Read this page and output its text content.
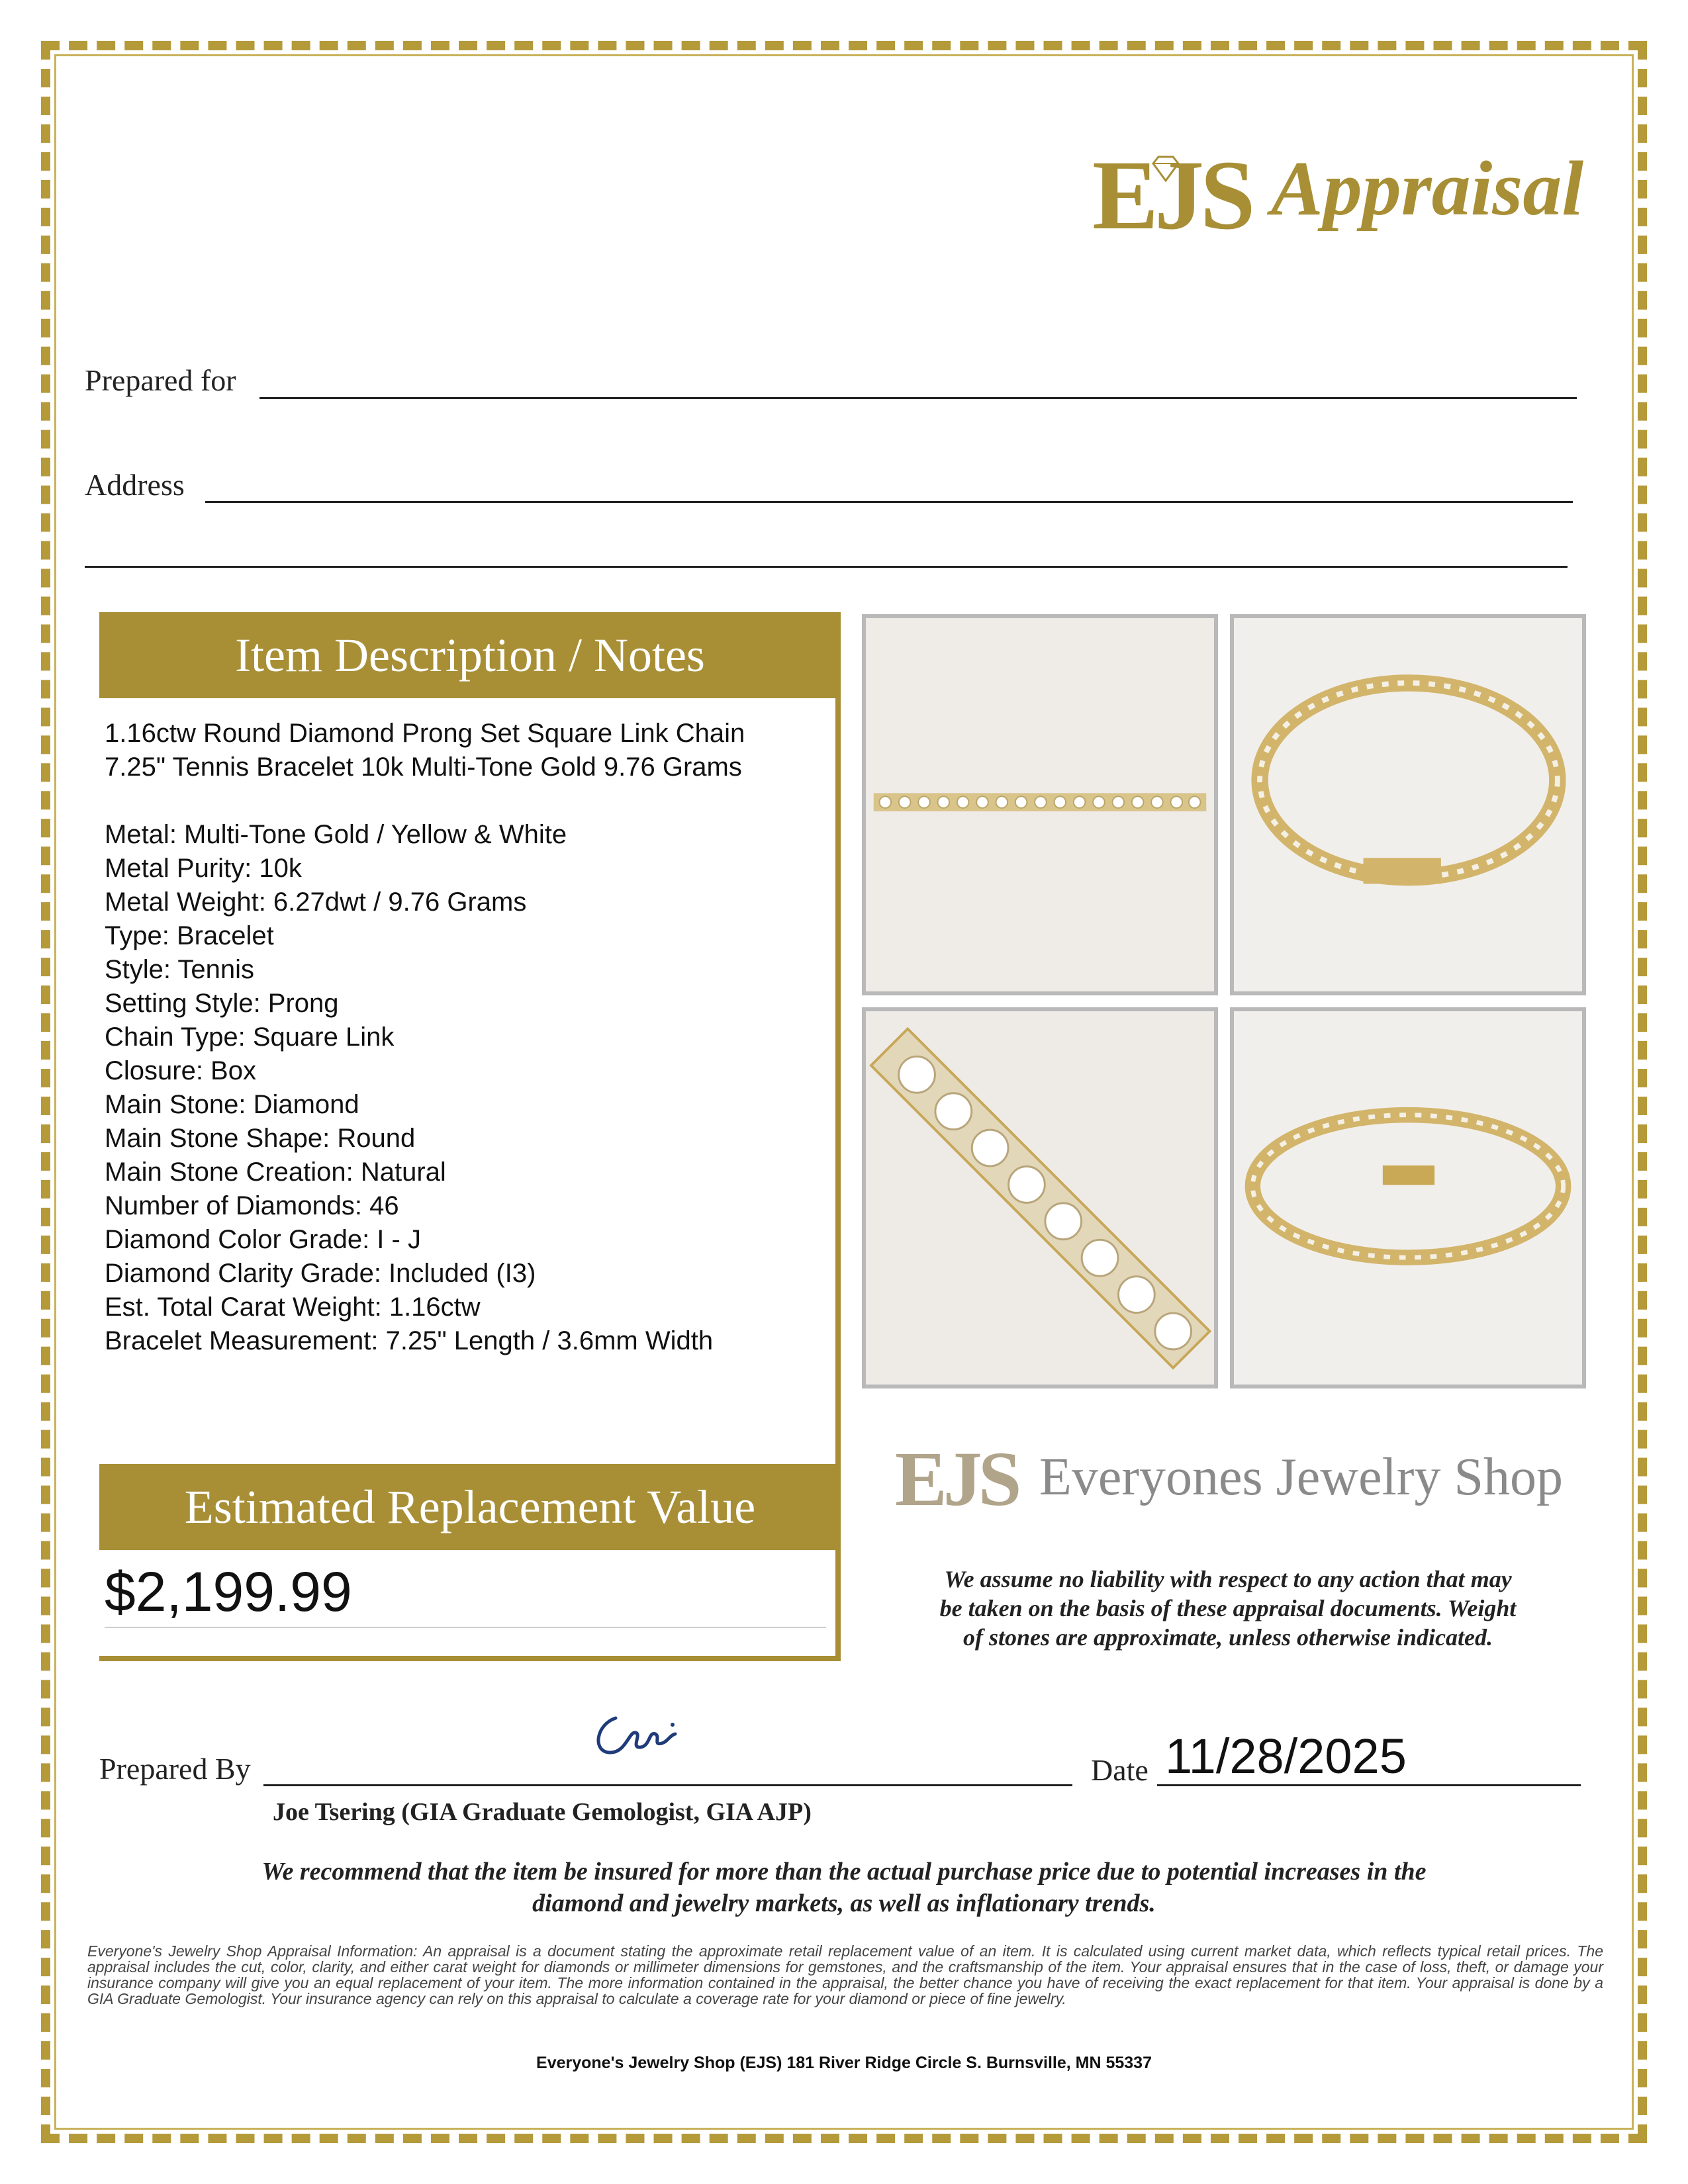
EJS Appraisal
Prepared for
Address
Item Description / Notes
1.16ctw Round Diamond Prong Set Square Link Chain
7.25" Tennis Bracelet 10k Multi-Tone Gold 9.76 Grams
Metal: Multi-Tone Gold / Yellow & White
Metal Purity: 10k
Metal Weight: 6.27dwt / 9.76 Grams
Type: Bracelet
Style: Tennis
Setting Style: Prong
Chain Type: Square Link
Closure: Box
Main Stone: Diamond
Main Stone Shape: Round
Main Stone Creation: Natural
Number of Diamonds: 46
Diamond Color Grade: I - J
Diamond Clarity Grade: Included (I3)
Est. Total Carat Weight: 1.16ctw
Bracelet Measurement: 7.25" Length / 3.6mm Width
Estimated Replacement Value
$2,199.99
EJS Everyones Jewelry Shop
We assume no liability with respect to any action that may
be taken on the basis of these appraisal documents. Weight
of stones are approximate, unless otherwise indicated.
Prepared By	Date 11/28/2025
Joe Tsering (GIA Graduate Gemologist, GIA AJP)
We recommend that the item be insured for more than the actual purchase price due to potential increases in the
diamond and jewelry markets, as well as inflationary trends.
Everyone's Jewelry Shop Appraisal Information: An appraisal is a document stating the approximate retail replacement value of an item. It is calculated using current market data, which reflects typical retail prices. The appraisal includes the cut, color, clarity, and either carat weight for diamonds or millimeter dimensions for gemstones, and the craftsmanship of the item. Your appraisal ensures that in the case of loss, theft, or damage your insurance company will give you an equal replacement of your item. The more information contained in the appraisal, the better chance you have of receiving the exact replacement for that item. Your appraisal is done by a GIA Graduate Gemologist. Your insurance agency can rely on this appraisal to calculate a coverage rate for your diamond or piece of fine jewelry.
Everyone's Jewelry Shop (EJS) 181 River Ridge Circle S. Burnsville, MN 55337
